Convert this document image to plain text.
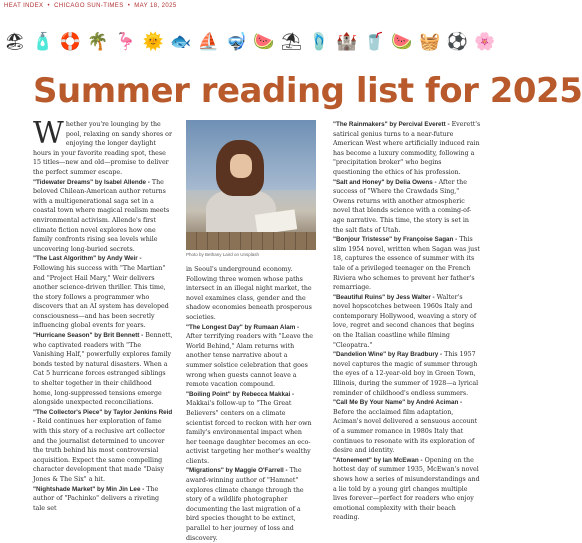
HEAT INDEX • CHICAGO SUN-TIMES • MAY 18, 2025
🏖 🧴 🛟 🌴 🦩 🌞 🐟 ⛵ 🤿 🍉 ⛱ 🩴 🏰 🥤 🍉 🧺 ⚽ 🌸
Summer reading list for 2025

Whether you're lounging by the pool, relaxing on sandy shores or enjoying the longer daylight hours in your favorite reading spot, these 15 titles—new and old—promise to deliver the perfect summer escape.

"Tidewater Dreams" by Isabel Allende - The beloved Chilean-American author returns with a multigenerational saga set in a coastal town where magical realism meets environmental activism. Allende's first climate fiction novel explores how one family confronts rising sea levels while uncovering long-buried secrets.

"The Last Algorithm" by Andy Weir - Following his success with "The Martian" and "Project Hail Mary," Weir delivers another science-driven thriller. This time, the story follows a programmer who discovers that an AI system has developed consciousness—and has been secretly influencing global events for years.

"Hurricane Season" by Brit Bennett - Bennett, who captivated readers with "The Vanishing Half," powerfully explores family bonds tested by natural disasters. When a Cat 5 hurricane forces estranged siblings to shelter together in their childhood home, long-suppressed tensions emerge alongside unexpected reconciliations.

"The Collector's Piece" by Taylor Jenkins Reid - Reid continues her exploration of fame with this story of a reclusive art collector and the journalist determined to uncover the truth behind his most controversial acquisition. Expect the same compelling character development that made "Daisy Jones & The Six" a hit.

"Nightshade Market" by Min Jin Lee - The author of "Pachinko" delivers a riveting tale set

Photo by Bethany Laird on Unsplash

in Seoul's underground economy. Following three women whose paths intersect in an illegal night market, the novel examines class, gender and the shadow economies beneath prosperous societies.

"The Longest Day" by Rumaan Alam - After terrifying readers with "Leave the World Behind," Alam returns with another tense narrative about a summer solstice celebration that goes wrong when guests cannot leave a remote vacation compound.

"Boiling Point" by Rebecca Makkai - Makkai's follow-up to "The Great Believers" centers on a climate scientist forced to reckon with her own family's environmental impact when her teenage daughter becomes an eco-activist targeting her mother's wealthy clients.

"Migrations" by Maggie O'Farrell - The award-winning author of "Hamnet" explores climate change through the story of a wildlife photographer documenting the last migration of a bird species thought to be extinct, parallel to her journey of loss and discovery.

"The Rainmakers" by Percival Everett - Everett's satirical genius turns to a near-future American West where artificially induced rain has become a luxury commodity, following a "precipitation broker" who begins questioning the ethics of his profession.

"Salt and Honey" by Delia Owens - After the success of "Where the Crawdads Sing," Owens returns with another atmospheric novel that blends science with a coming-of-age narrative. This time, the story is set in the salt flats of Utah.

"Bonjour Tristesse" by Françoise Sagan - This slim 1954 novel, written when Sagan was just 18, captures the essence of summer with its tale of a privileged teenager on the French Riviera who schemes to prevent her father's remarriage.

"Beautiful Ruins" by Jess Walter - Walter's novel hopscotches between 1960s Italy and contemporary Hollywood, weaving a story of love, regret and second chances that begins on the Italian coastline while filming "Cleopatra."

"Dandelion Wine" by Ray Bradbury - This 1957 novel captures the magic of summer through the eyes of a 12-year-old boy in Green Town, Illinois, during the summer of 1928—a lyrical reminder of childhood's endless summers.

"Call Me By Your Name" by André Aciman - Before the acclaimed film adaptation, Aciman's novel delivered a sensuous account of a summer romance in 1980s Italy that continues to resonate with its exploration of desire and identity.

"Atonement" by Ian McEwan - Opening on the hottest day of summer 1935, McEwan's novel shows how a series of misunderstandings and a lie told by a young girl changes multiple lives forever—perfect for readers who enjoy emotional complexity with their beach reading.
